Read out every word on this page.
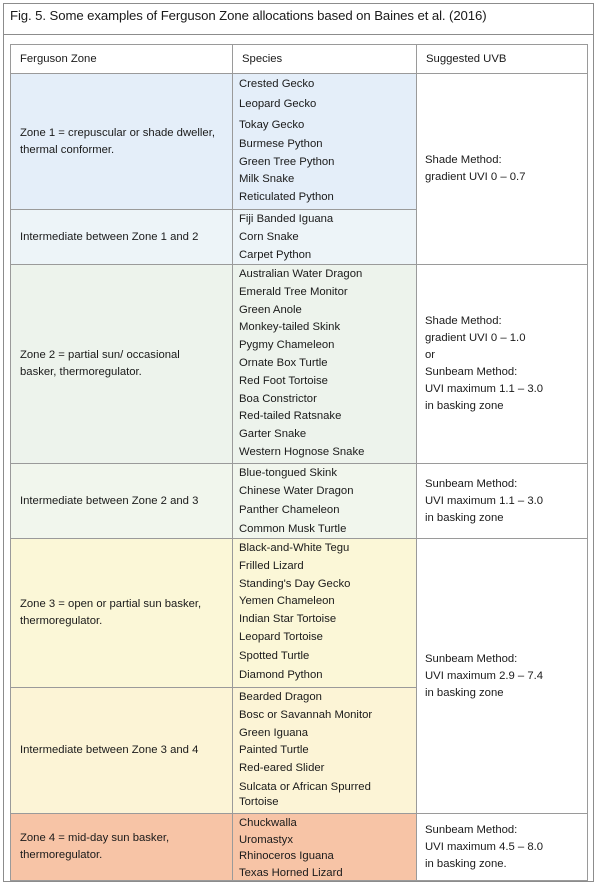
Fig. 5. Some examples of Ferguson Zone allocations based on Baines et al. (2016)
Ferguson Zone	Species	Suggested UVB
Zone 1 = crepuscular or shade dweller,
thermal conformer.
Intermediate between Zone 1 and 2
Zone 2 = partial sun/ occasional
basker, thermoregulator.
Intermediate between Zone 2 and 3
Zone 3 = open or partial sun basker,
thermoregulator.
Intermediate between Zone 3 and 4
Zone 4 = mid-day sun basker,
thermoregulator.
Crested Gecko
Leopard Gecko
Tokay Gecko
Burmese Python
Green Tree Python
Milk Snake
Reticulated Python
Fiji Banded Iguana
Corn Snake
Carpet Python
Australian Water Dragon
Emerald Tree Monitor
Green Anole
Monkey-tailed Skink
Pygmy Chameleon
Ornate Box Turtle
Red Foot Tortoise
Boa Constrictor
Red-tailed Ratsnake
Garter Snake
Western Hognose Snake
Blue-tongued Skink
Chinese Water Dragon
Panther Chameleon
Common Musk Turtle
Black-and-White Tegu
Frilled Lizard
Standing's Day Gecko
Yemen Chameleon
Indian Star Tortoise
Leopard Tortoise
Spotted Turtle
Diamond Python
Bearded Dragon
Bosc or Savannah Monitor
Green Iguana
Painted Turtle
Red-eared Slider
Sulcata or African Spurred Tortoise
Chuckwalla
Uromastyx
Rhinoceros Iguana
Texas Horned Lizard
Shade Method:
gradient UVI 0 – 0.7
Shade Method:
gradient UVI 0 – 1.0
or
Sunbeam Method:
UVI maximum 1.1 – 3.0
in basking zone
Sunbeam Method:
UVI maximum 1.1 – 3.0
in basking zone
Sunbeam Method:
UVI maximum 2.9 – 7.4
in basking zone
Sunbeam Method:
UVI maximum 4.5 – 8.0
in basking zone.
